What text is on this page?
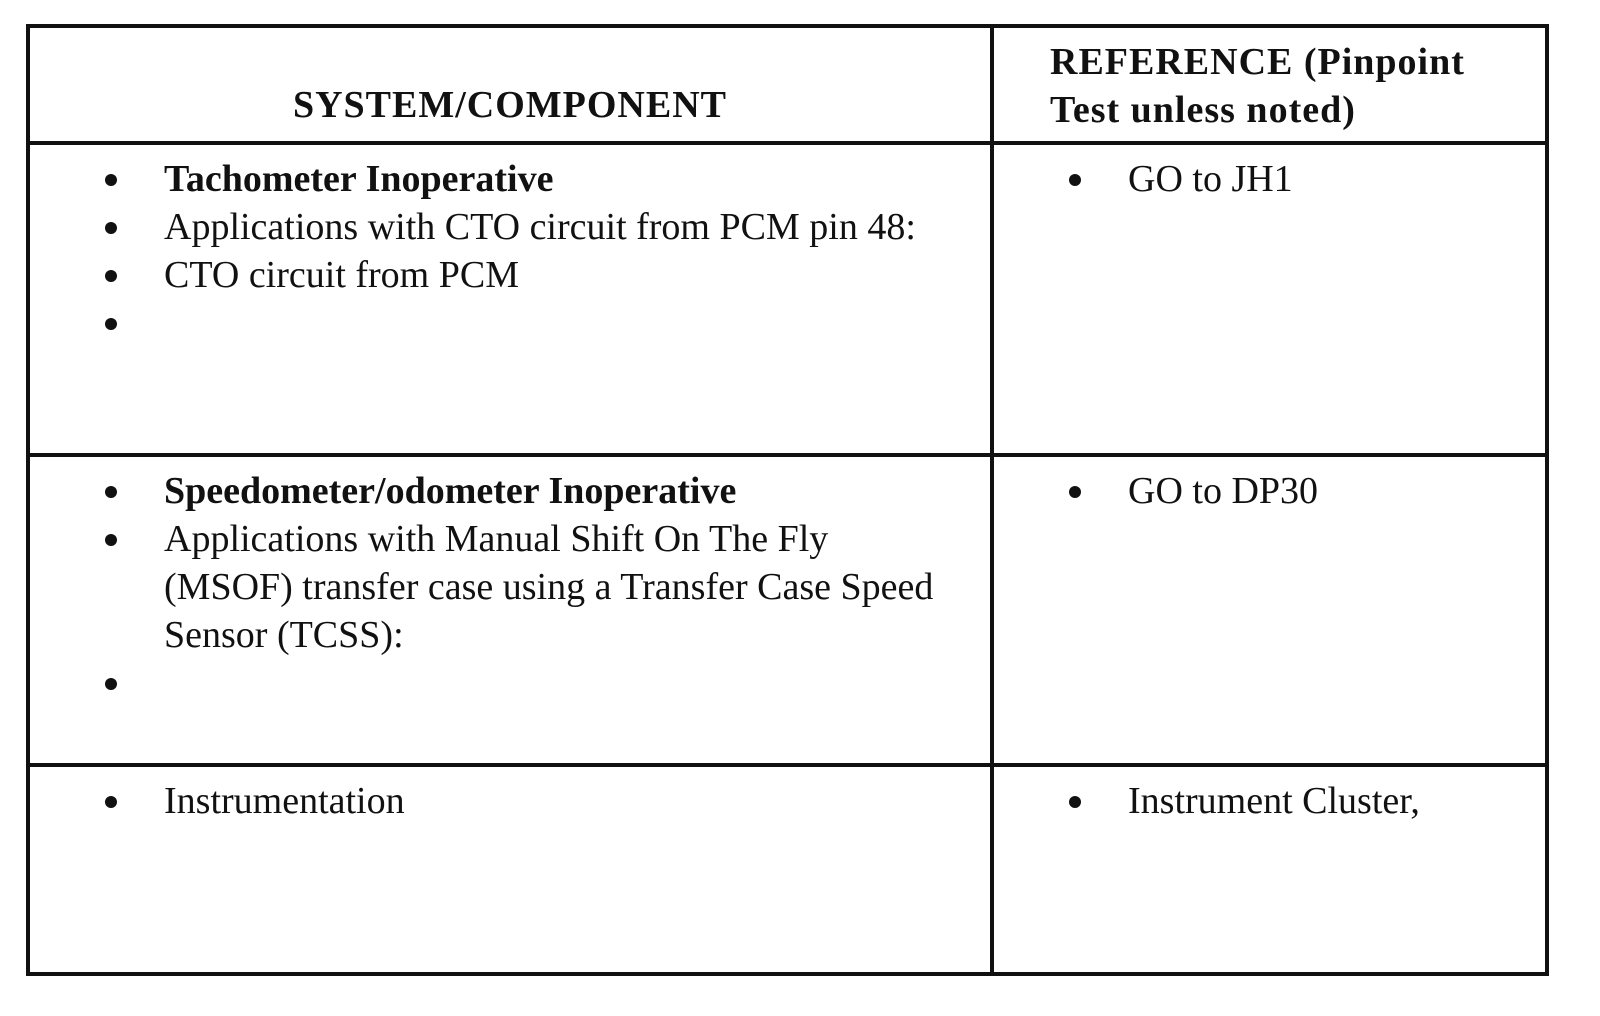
SYSTEM/COMPONENT
REFERENCE (Pinpoint Test unless noted)
Tachometer Inoperative
Applications with CTO circuit from PCM pin 48:
CTO circuit from PCM
GO to JH1
Speedometer/odometer Inoperative
Applications with Manual Shift On The Fly (MSOF) transfer case using a Transfer Case Speed Sensor (TCSS):
GO to DP30
Instrumentation	Instrument Cluster,
